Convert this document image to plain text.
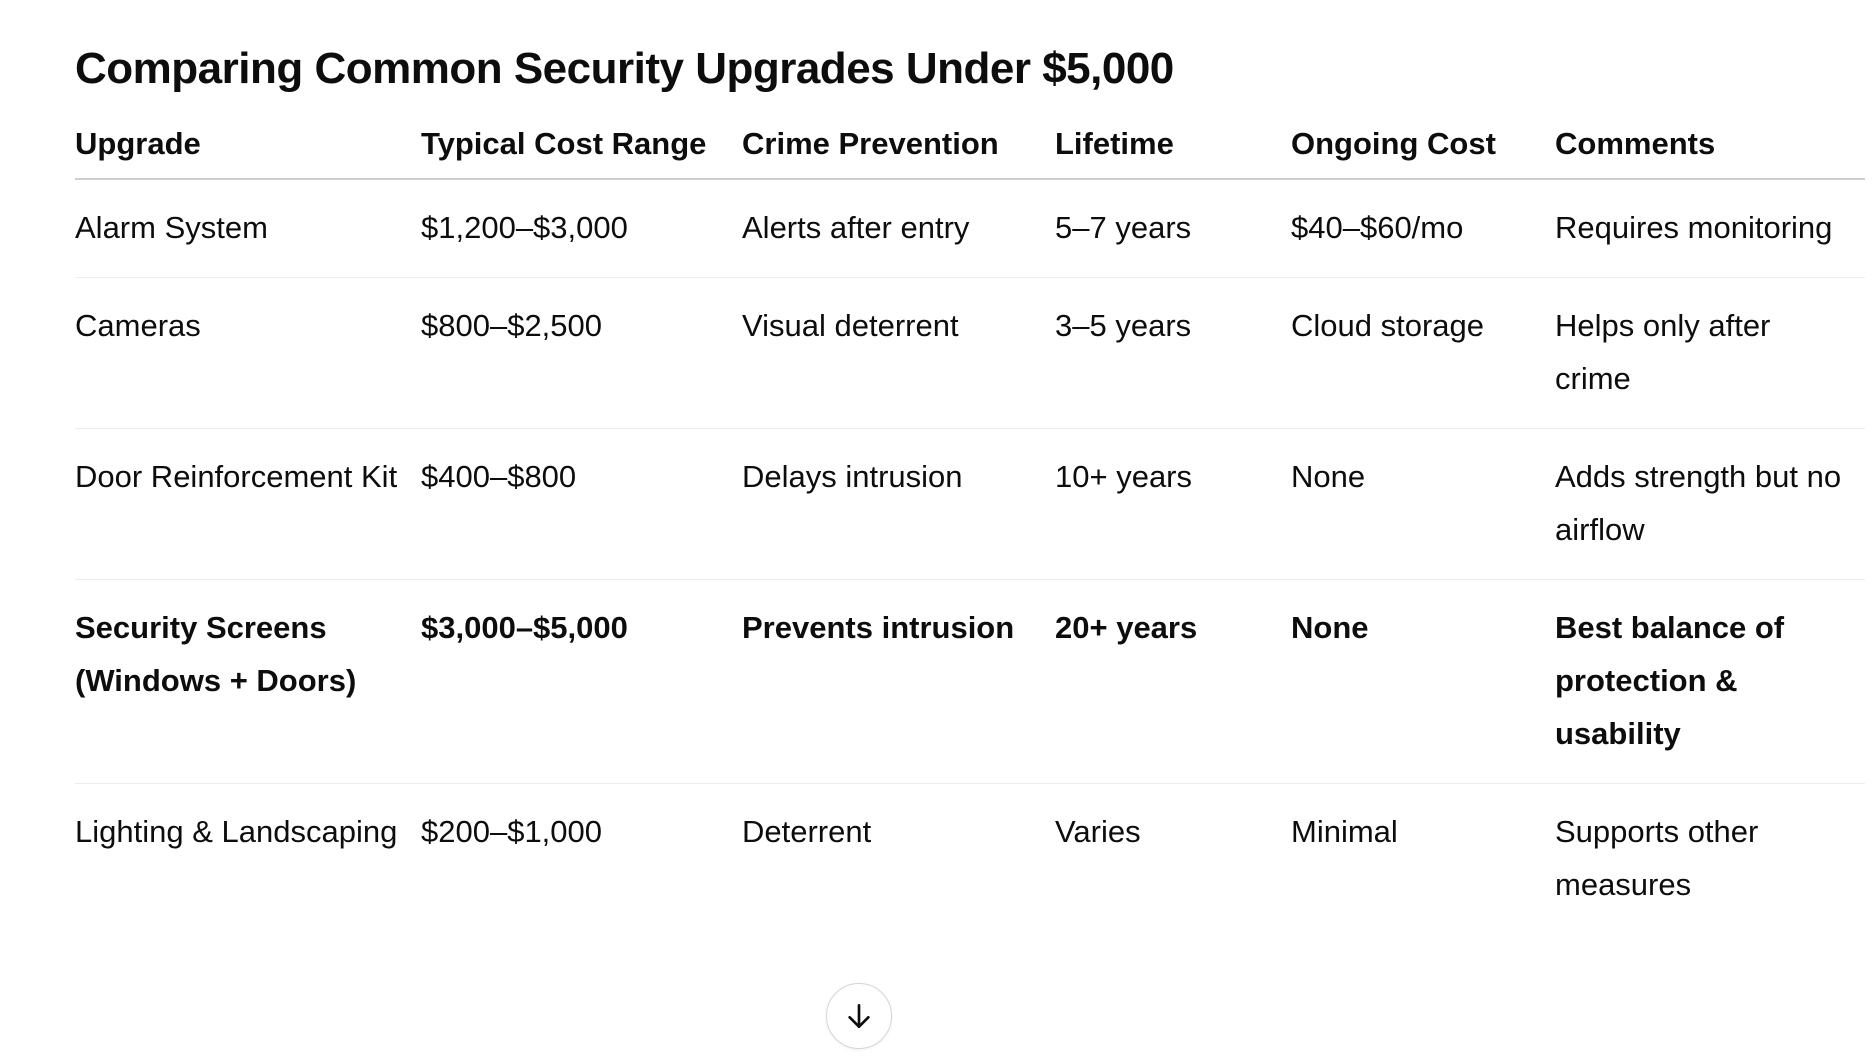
Comparing Common Security Upgrades Under $5,000
Upgrade	Typical Cost Range	Crime Prevention	Lifetime	Ongoing Cost	Comments
Alarm System	$1,200–$3,000	Alerts after entry	5–7 years	$40–$60/mo	Requires monitoring
Cameras	$800–$2,500	Visual deterrent	3–5 years	Cloud storage	Helps only after crime
Door Reinforcement Kit	$400–$800	Delays intrusion	10+ years	None	Adds strength but no airflow
Security Screens (Windows + Doors)	$3,000–$5,000	Prevents intrusion	20+ years	None	Best balance of protection & usability
Lighting & Landscaping	$200–$1,000	Deterrent	Varies	Minimal	Supports other measures
